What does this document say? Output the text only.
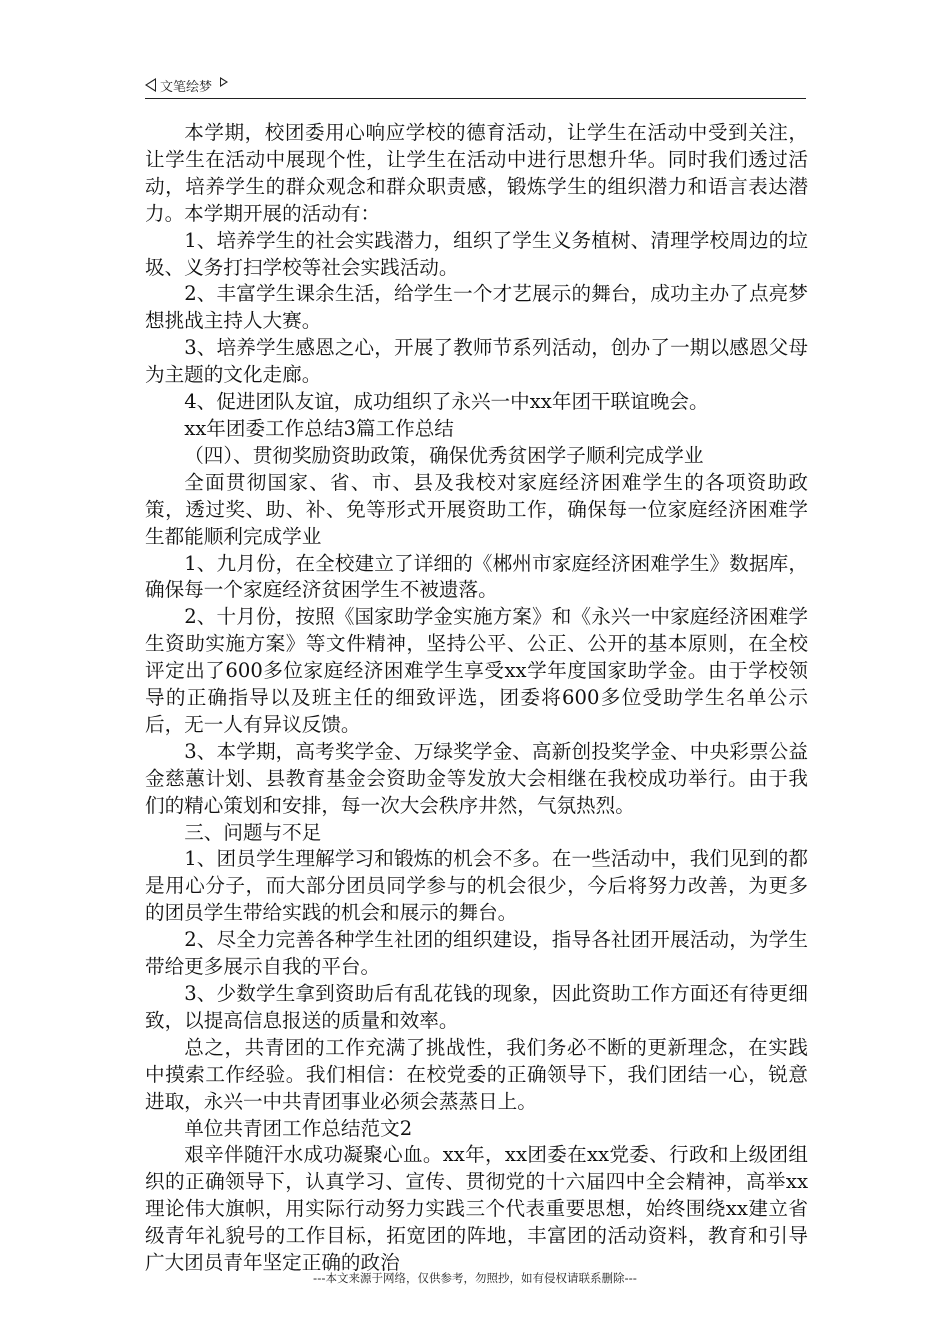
文笔绘梦

本学期，校团委用心响应学校的德育活动，让学生在活动中受到关注，让学生在活动中展现个性，让学生在活动中进行思想升华。同时我们透过活动，培养学生的群众观念和群众职责感，锻炼学生的组织潜力和语言表达潜力。本学期开展的活动有：

1、培养学生的社会实践潜力，组织了学生义务植树、清理学校周边的垃圾、义务打扫学校等社会实践活动。

2、丰富学生课余生活，给学生一个才艺展示的舞台，成功主办了点亮梦想挑战主持人大赛。

3、培养学生感恩之心，开展了教师节系列活动，创办了一期以感恩父母为主题的文化走廊。

4、促进团队友谊，成功组织了永兴一中xx年团干联谊晚会。

xx年团委工作总结3篇工作总结

（四）、贯彻奖励资助政策，确保优秀贫困学子顺利完成学业

全面贯彻国家、省、市、县及我校对家庭经济困难学生的各项资助政策，透过奖、助、补、免等形式开展资助工作，确保每一位家庭经济困难学生都能顺利完成学业

1、九月份，在全校建立了详细的《郴州市家庭经济困难学生》数据库，确保每一个家庭经济贫困学生不被遗落。

2、十月份，按照《国家助学金实施方案》和《永兴一中家庭经济困难学生资助实施方案》等文件精神，坚持公平、公正、公开的基本原则，在全校评定出了600多位家庭经济困难学生享受xx学年度国家助学金。由于学校领导的正确指导以及班主任的细致评选，团委将600多位受助学生名单公示后，无一人有异议反馈。

3、本学期，高考奖学金、万绿奖学金、高新创投奖学金、中央彩票公益金慈蕙计划、县教育基金会资助金等发放大会相继在我校成功举行。由于我们的精心策划和安排，每一次大会秩序井然，气氛热烈。

三、问题与不足

1、团员学生理解学习和锻炼的机会不多。在一些活动中，我们见到的都是用心分子，而大部分团员同学参与的机会很少，今后将努力改善，为更多的团员学生带给实践的机会和展示的舞台。

2、尽全力完善各种学生社团的组织建设，指导各社团开展活动，为学生带给更多展示自我的平台。

3、少数学生拿到资助后有乱花钱的现象，因此资助工作方面还有待更细致，以提高信息报送的质量和效率。

总之，共青团的工作充满了挑战性，我们务必不断的更新理念，在实践中摸索工作经验。我们相信：在校党委的正确领导下，我们团结一心，锐意进取，永兴一中共青团事业必须会蒸蒸日上。

单位共青团工作总结范文2

艰辛伴随汗水成功凝聚心血。xx年，xx团委在xx党委、行政和上级团组织的正确领导下，认真学习、宣传、贯彻党的十六届四中全会精神，高举xx理论伟大旗帜，用实际行动努力实践三个代表重要思想，始终围绕xx建立省级青年礼貌号的工作目标，拓宽团的阵地，丰富团的活动资料，教育和引导广大团员青年坚定正确的政治

---本文来源于网络，仅供参考，勿照抄，如有侵权请联系删除---
